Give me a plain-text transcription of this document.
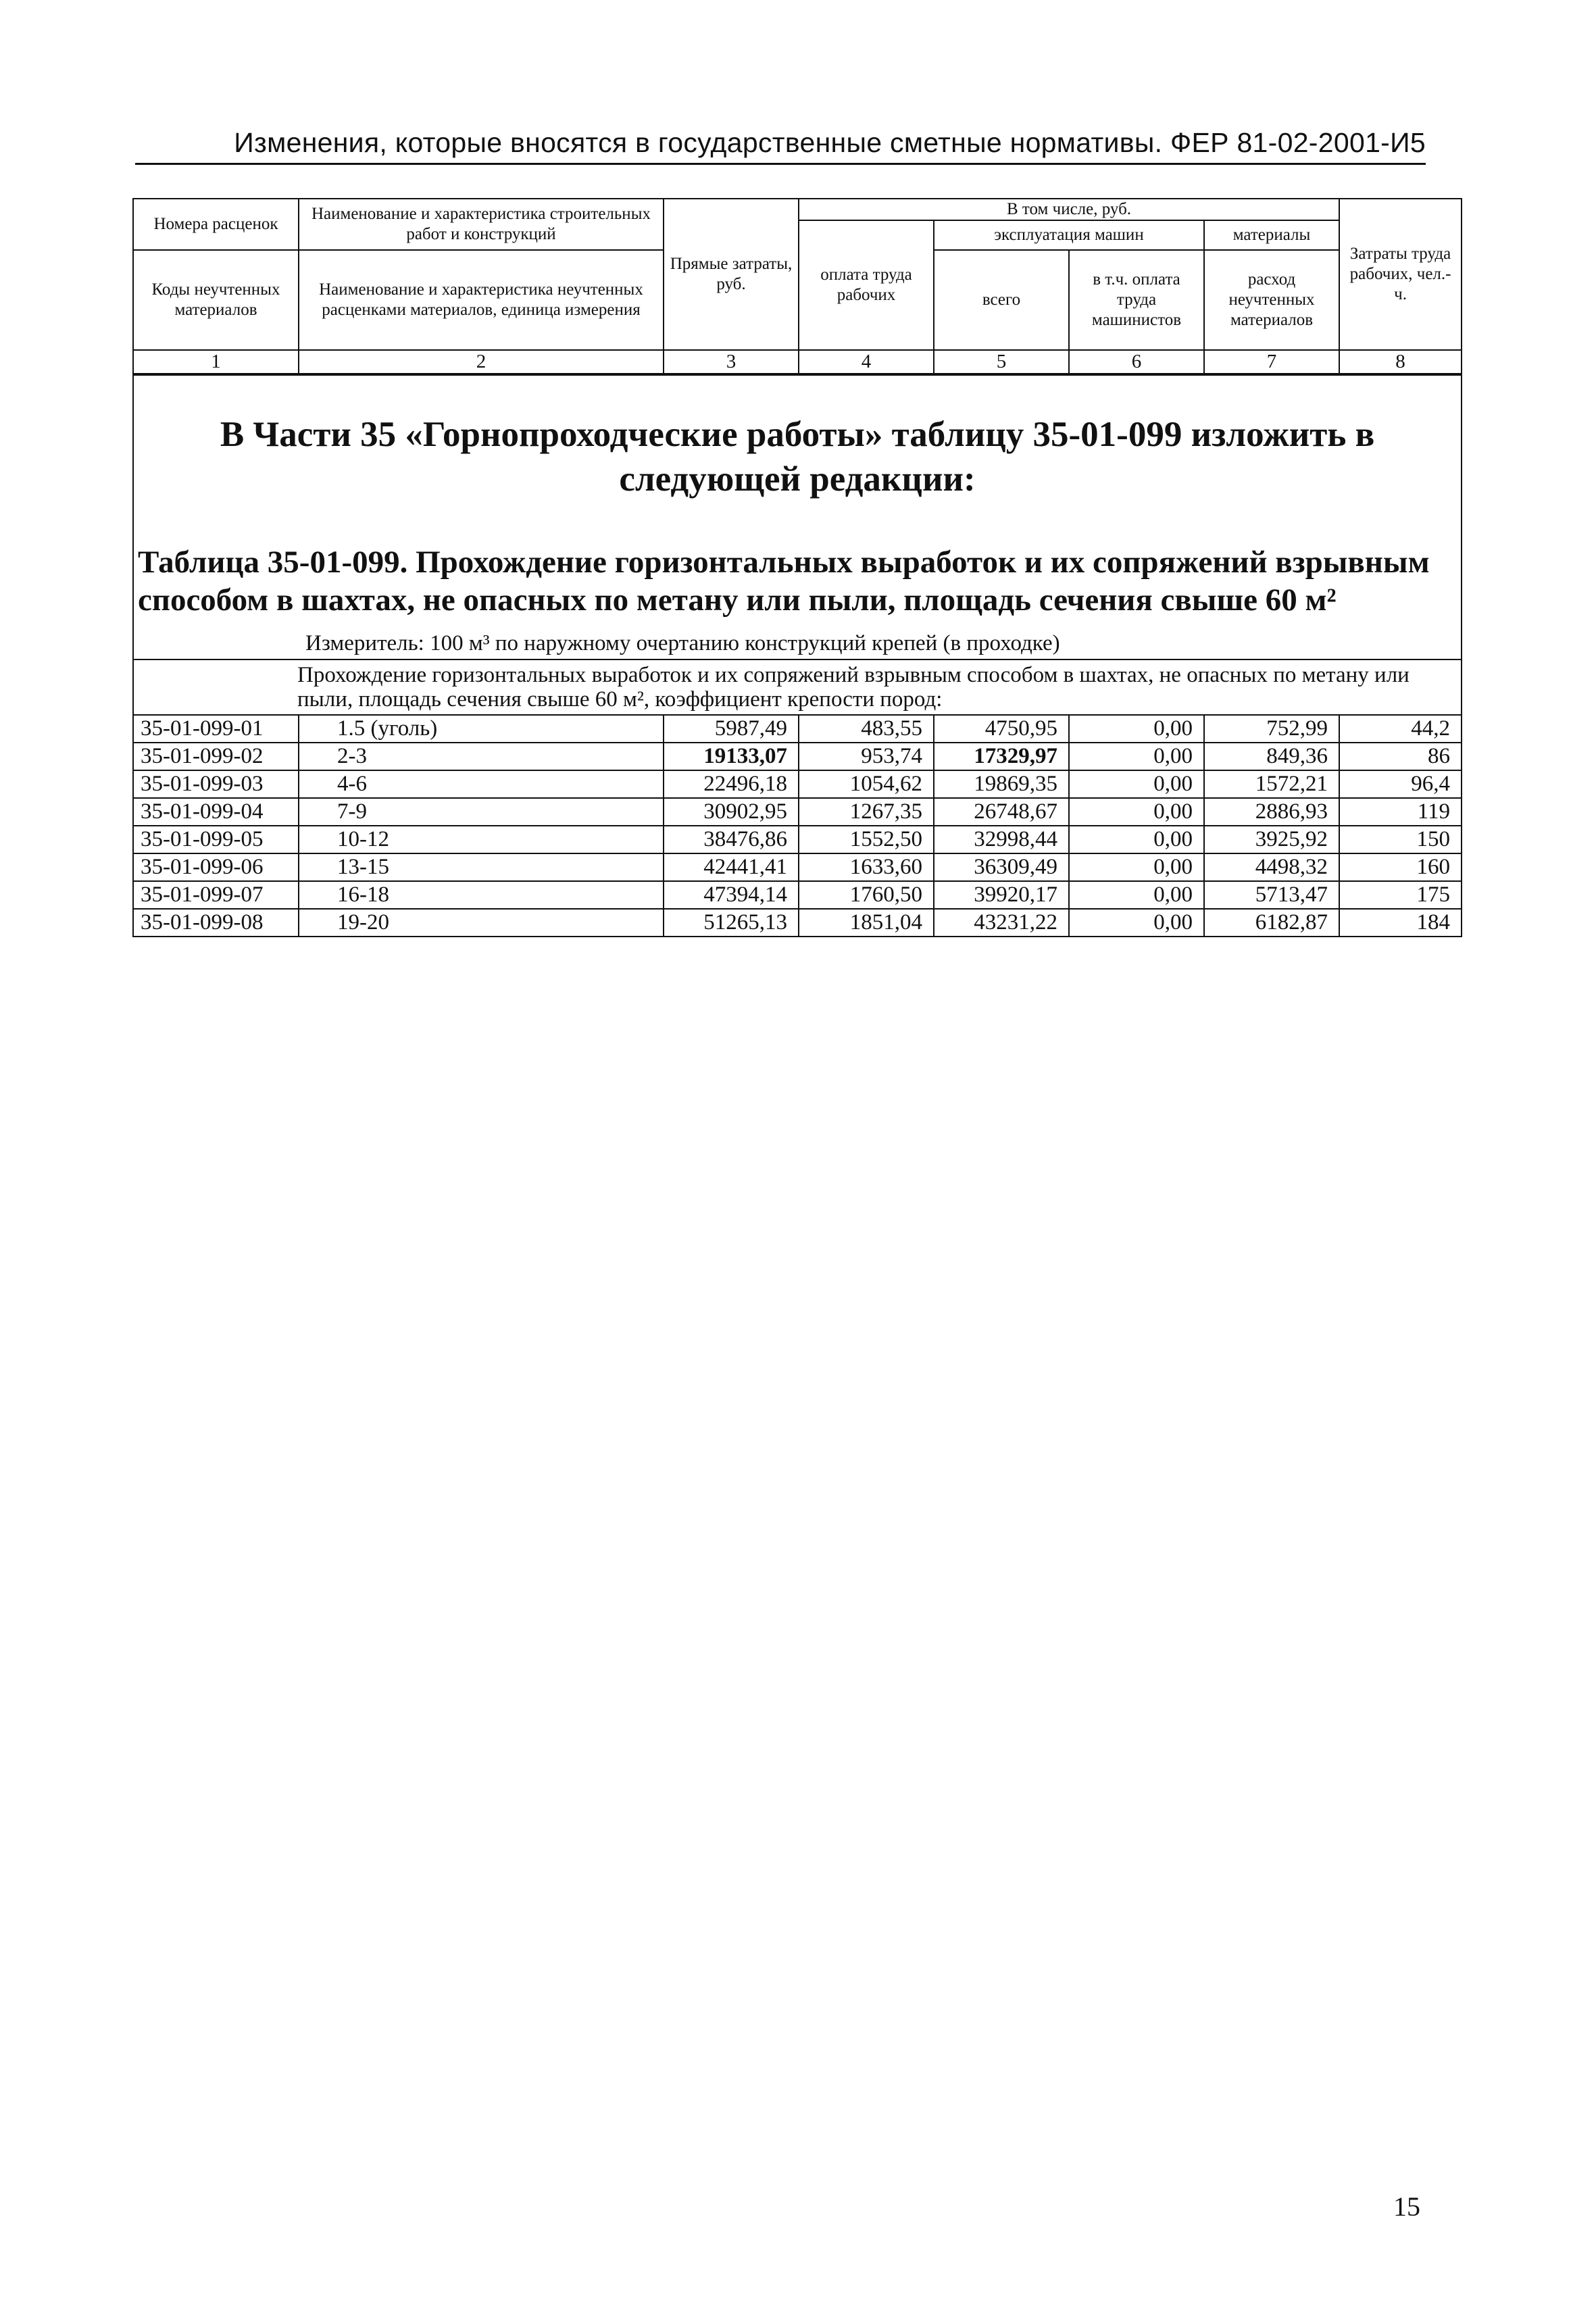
Изменения, которые вносятся в государственные сметные нормативы. ФЕР 81-02-2001-И5
Номера расценок	Наименование и характеристика строительных работ и конструкций	Прямые затраты, руб.	В том числе, руб.				Затраты труда рабочих, чел.-ч.
			оплата труда рабочих	эксплуатация машин		материалы	
Коды неучтенных материалов	Наименование и характеристика неучтенных расценками материалов, единица измерения			всего	в т.ч. оплата труда машинистов	расход неучтенных материалов	

1	2	3	4	5	6	7	8

В Части 35 «Горнопроходческие работы» таблицу 35-01-099 изложить в следующей редакции:
Таблица 35-01-099. Прохождение горизонтальных выработок и их сопряжений взрывным способом в шахтах, не опасных по метану или пыли, площадь сечения свыше 60 м²
Измеритель: 100 м³ по наружному очертанию конструкций крепей (в проходке)							

Прохождение горизонтальных выработок и их сопряжений взрывным способом в шахтах, не опасных по метану или пыли, площадь сечения свыше 60 м², коэффициент крепости пород:							
35-01-099-01	1.5 (уголь)	5987,49	483,55	4750,95	0,00	752,99	44,2
35-01-099-02	2-3	19133,07	953,74	17329,97	0,00	849,36	86
35-01-099-03	4-6	22496,18	1054,62	19869,35	0,00	1572,21	96,4
35-01-099-04	7-9	30902,95	1267,35	26748,67	0,00	2886,93	119
35-01-099-05	10-12	38476,86	1552,50	32998,44	0,00	3925,92	150
35-01-099-06	13-15	42441,41	1633,60	36309,49	0,00	4498,32	160
35-01-099-07	16-18	47394,14	1760,50	39920,17	0,00	5713,47	175
35-01-099-08	19-20	51265,13	1851,04	43231,22	0,00	6182,87	184
15
